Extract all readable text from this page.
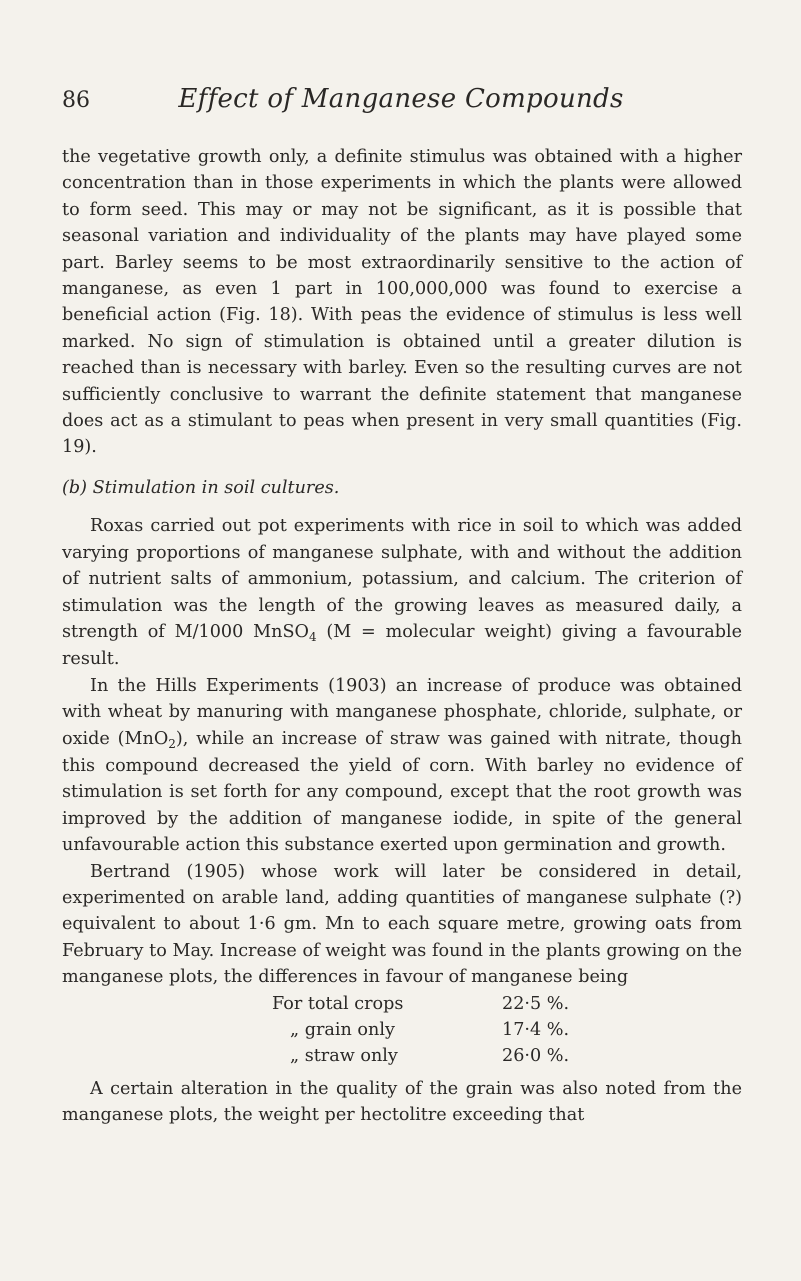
86	Effect of Manganese Compounds

the vegetative growth only, a definite stimulus was obtained with a higher concentration than in those experiments in which the plants were allowed to form seed. This may or may not be significant, as it is possible that seasonal variation and individuality of the plants may have played some part. Barley seems to be most extraordinarily sensitive to the action of manganese, as even 1 part in 100,000,000 was found to exercise a beneficial action (Fig. 18). With peas the evidence of stimulus is less well marked. No sign of stimulation is obtained until a greater dilution is reached than is necessary with barley. Even so the resulting curves are not sufficiently conclusive to warrant the definite statement that manganese does act as a stimulant to peas when present in very small quantities (Fig. 19).

(b) Stimulation in soil cultures.

Roxas carried out pot experiments with rice in soil to which was added varying proportions of manganese sulphate, with and without the addition of nutrient salts of ammonium, potassium, and calcium. The criterion of stimulation was the length of the growing leaves as measured daily, a strength of M/1000 MnSO$_4$ (M = molecular weight) giving a favourable result.

In the Hills Experiments (1903) an increase of produce was obtained with wheat by manuring with manganese phosphate, chloride, sulphate, or oxide (MnO$_2$), while an increase of straw was gained with nitrate, though this compound decreased the yield of corn. With barley no evidence of stimulation is set forth for any compound, except that the root growth was improved by the addition of manganese iodide, in spite of the general unfavourable action this substance exerted upon germination and growth.

Bertrand (1905) whose work will later be considered in detail, experimented on arable land, adding quantities of manganese sulphate (?) equivalent to about 1·6 gm. Mn to each square metre, growing oats from February to May. Increase of weight was found in the plants growing on the manganese plots, the differences in favour of manganese being

For total crops	22·5 %.
„ grain only	17·4 %.
„ straw only	26·0 %.

A certain alteration in the quality of the grain was also noted from the manganese plots, the weight per hectolitre exceeding that
